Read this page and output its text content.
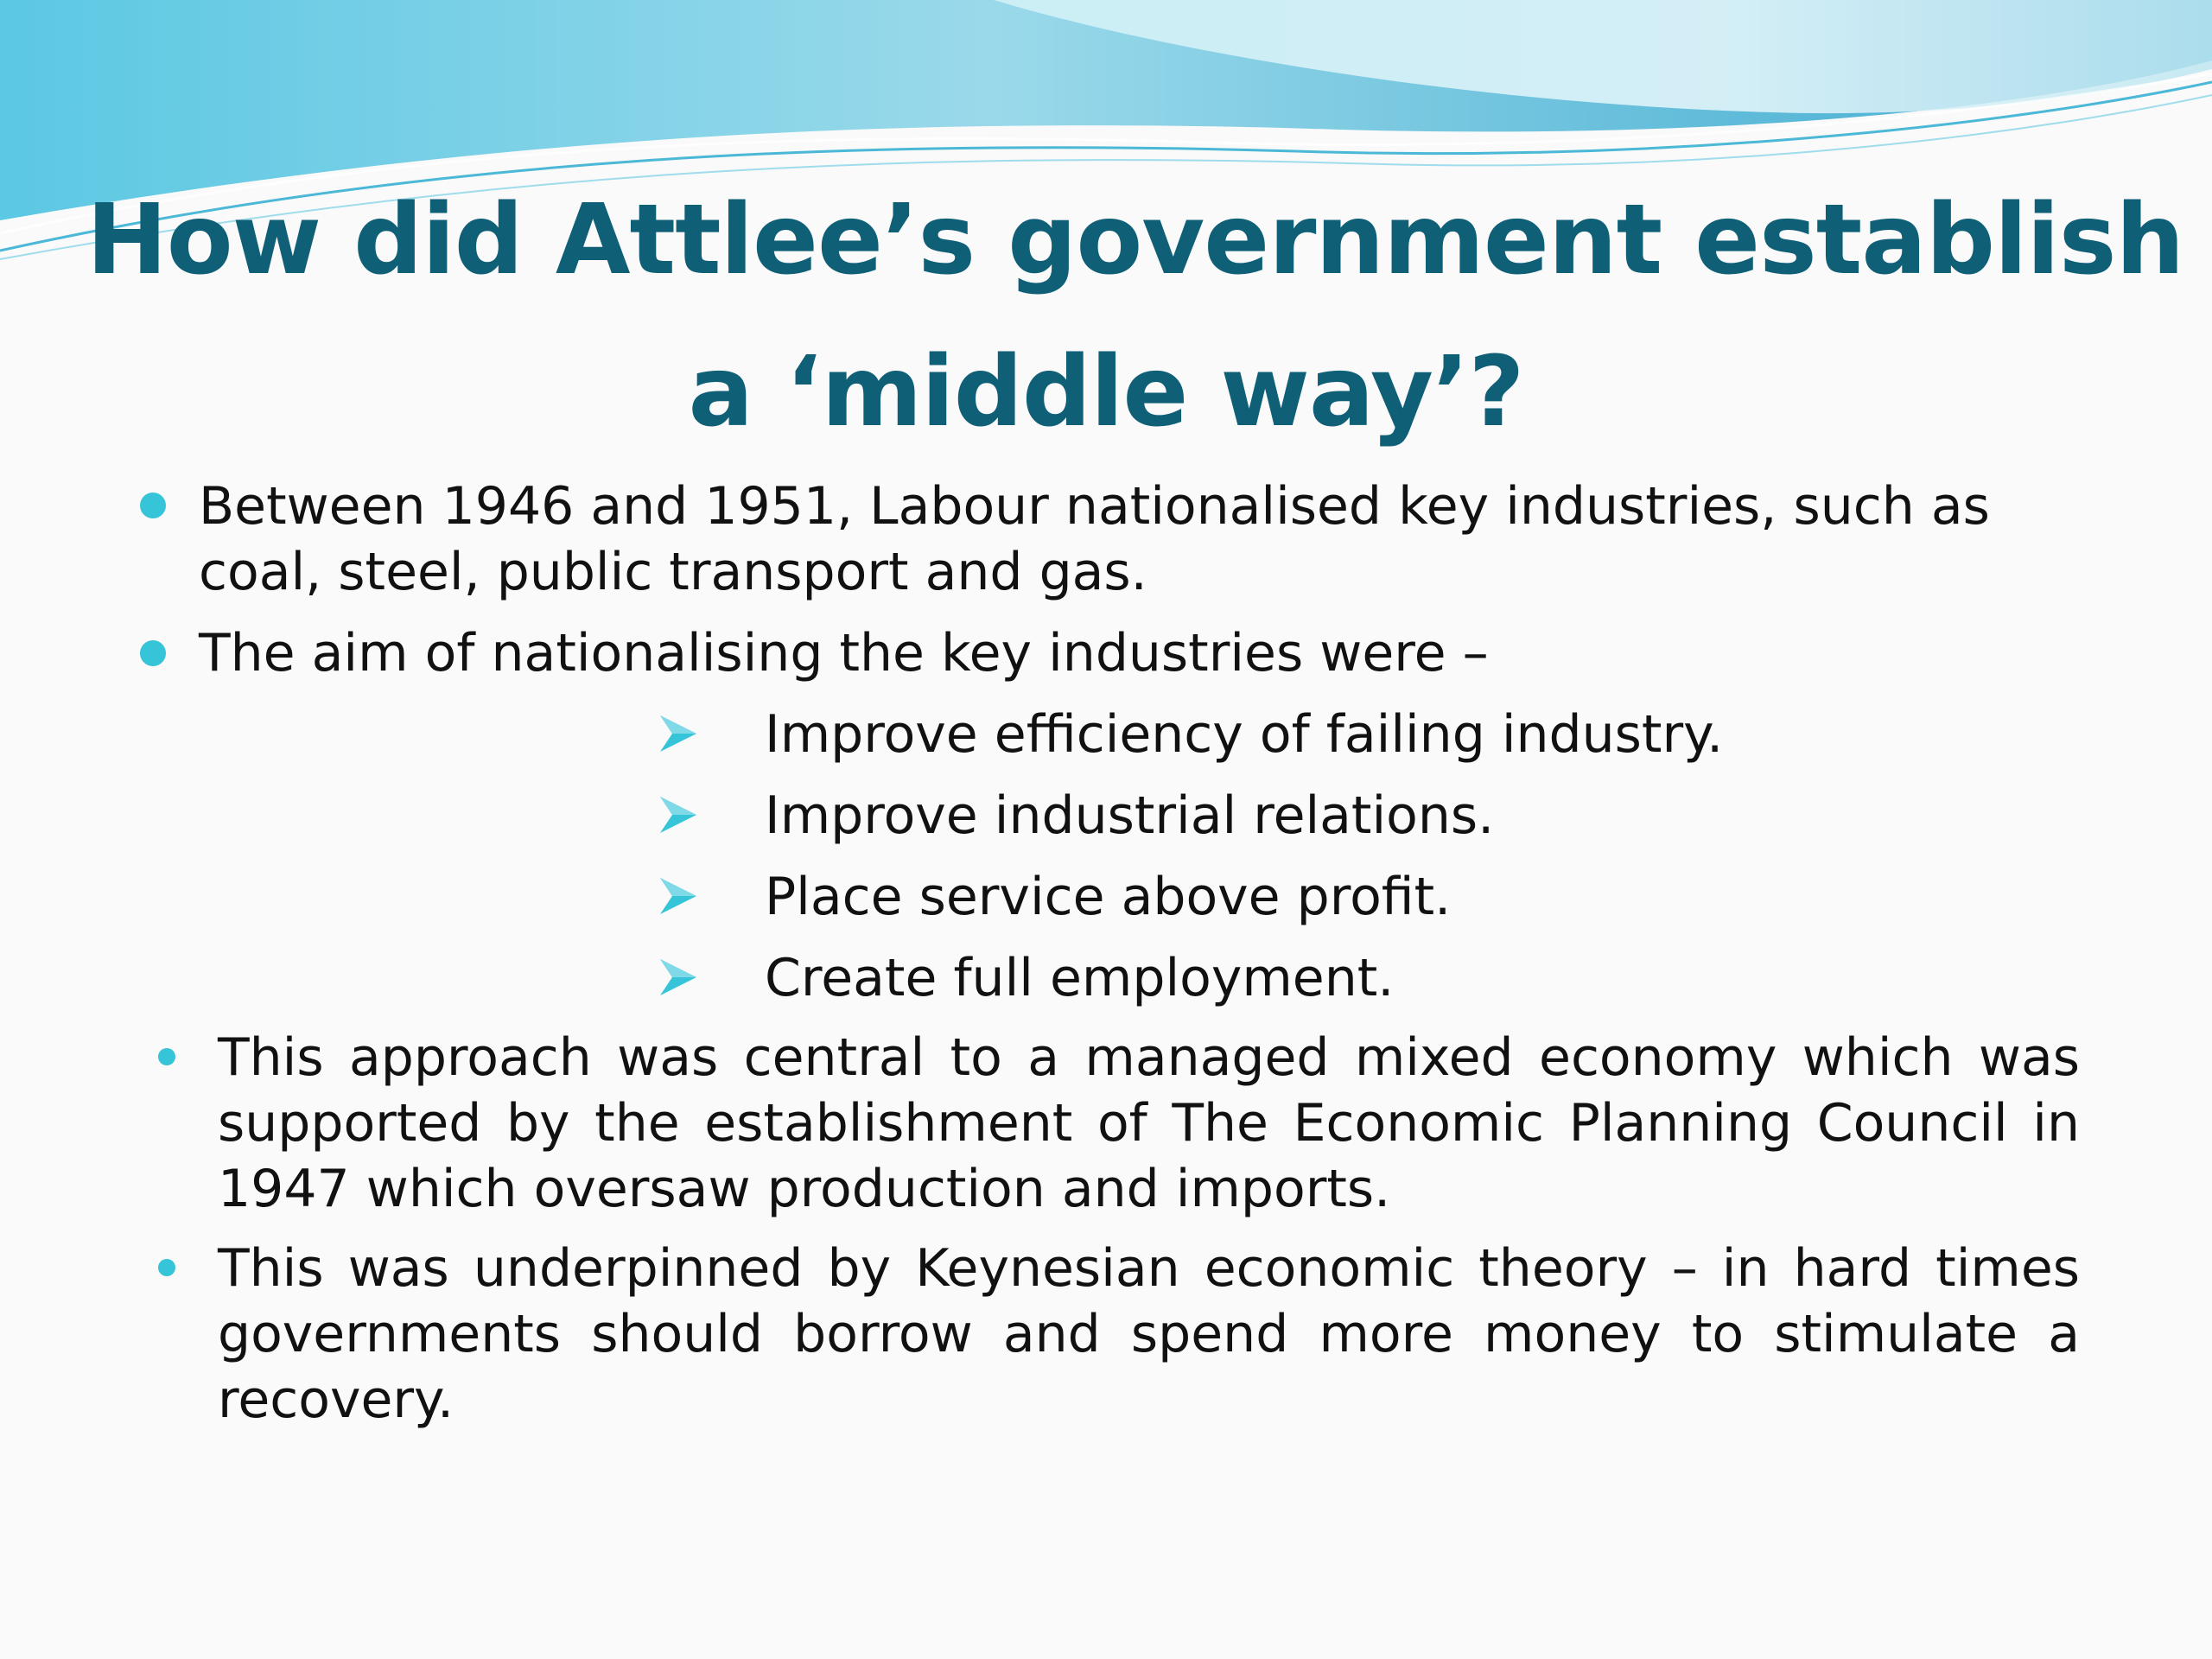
How did Attlee’s government establish
a ‘middle way’?
Between 1946 and 1951, Labour nationalised key industries, such as coal, steel, public transport and gas.
The aim of nationalising the key industries were –
Improve efficiency of failing industry.
Improve industrial relations.
Place service above profit.
Create full employment.
This approach was central to a managed mixed economy which was supported by the establishment of The Economic Planning Council in 1947 which oversaw production and imports.
This was underpinned by Keynesian economic theory – in hard times governments should borrow and spend more money to stimulate a recovery.
